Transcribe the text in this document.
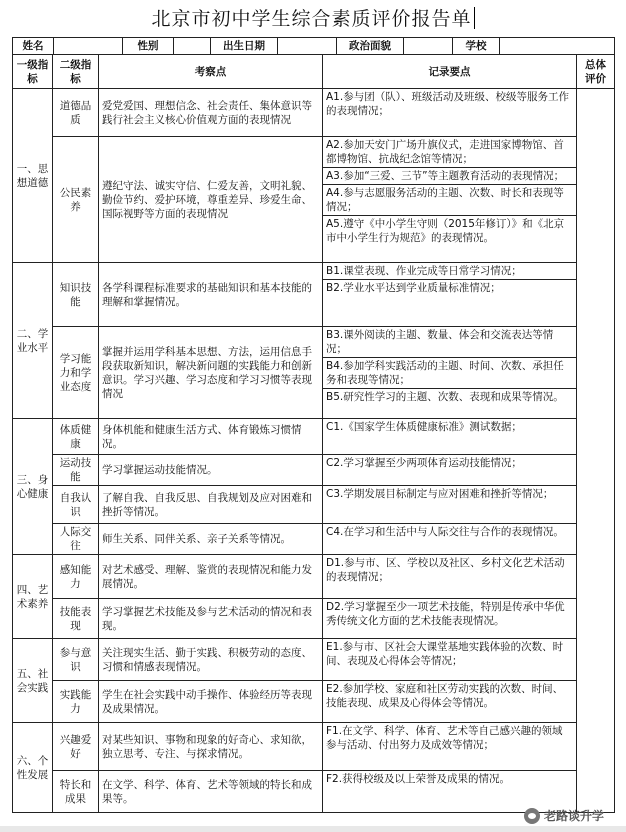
北京市初中学生综合素质评价报告单
姓名 性别 出生日期 政治面貌 学校				

一级指标	二级指标	考察点	记录要点	总体评价
一、思想道德	道德品质	爱党爱国、理想信念、社会责任、集体意识等践行社会主义核心价值观方面的表现情况	A1.参与团（队）、班级活动及班级、校级等服务工作的表现情况；	

	公民素养	遵纪守法、诚实守信、仁爱友善，文明礼貌、勤俭节约、爱护环境，尊重差异、珍爱生命、国际视野等方面的表现情况	A2.参加天安门广场升旗仪式，走进国家博物馆、首都博物馆、抗战纪念馆等情况；
A3.参加“三爱、三节”等主题教育活动的表现情况；
A4.参与志愿服务活动的主题、次数、时长和表现等情况；
A5.遵守《中小学生守则（2015年修订）》和《北京市中小学生行为规范》的表现情况。	

二、学业水平	知识技能	各学科课程标准要求的基础知识和基本技能的理解和掌握情况。	B1.课堂表现、作业完成等日常学习情况；
B2.学业水平达到学业质量标准情况；	

	学习能力和学业态度	掌握并运用学科基本思想、方法，运用信息手段获取新知识，解决新问题的实践能力和创新意识。学习兴趣、学习态度和学习习惯等表现情况	B3.课外阅读的主题、数量、体会和交流表达等情况；
B4.参加学科实践活动的主题、时间、次数、承担任务和表现等情况；
B5.研究性学习的主题、次数、表现和成果等情况。	

三、身心健康	体质健康	身体机能和健康生活方式、体育锻炼习惯情况。	C1.《国家学生体质健康标准》测试数据；	

	运动技能	学习掌握运动技能情况。	C2.学习掌握至少两项体育运动技能情况；	

	自我认识	了解自我、自我反思、自我规划及应对困难和挫折等情况。	C3.学期发展目标制定与应对困难和挫折等情况；	

	人际交往	师生关系、同伴关系、亲子关系等情况。	C4.在学习和生活中与人际交往与合作的表现情况。	

四、艺术素养	感知能力	对艺术感受、理解、鉴赏的表现情况和能力发展情况。	D1.参与市、区、学校以及社区、乡村文化艺术活动的表现情况；	

	技能表现	学习掌握艺术技能及参与艺术活动的情况和表现。	D2.学习掌握至少一项艺术技能，特别是传承中华优秀传统文化方面的艺术技能表现情况。	

五、社会实践	参与意识	关注现实生活、勤于实践、积极劳动的态度、习惯和情感表现情况。	E1.参与市、区社会大课堂基地实践体验的次数、时间、表现及心得体会等情况；	

	实践能力	学生在社会实践中动手操作、体验经历等表现及成果情况。	E2.参加学校、家庭和社区劳动实践的次数、时间、技能表现、成果及心得体会等情况。	

六、个性发展	兴趣爱好	对某些知识、事物和现象的好奇心、求知欲，独立思考、专注、与探求情况。	F1.在文学、科学、体育、艺术等自己感兴趣的领域参与活动、付出努力及成效等情况；	

	特长和成果	在文学、科学、体育、艺术等领域的特长和成果等。	F2.获得校级及以上荣誉及成果的情况。	
老路谈升学
